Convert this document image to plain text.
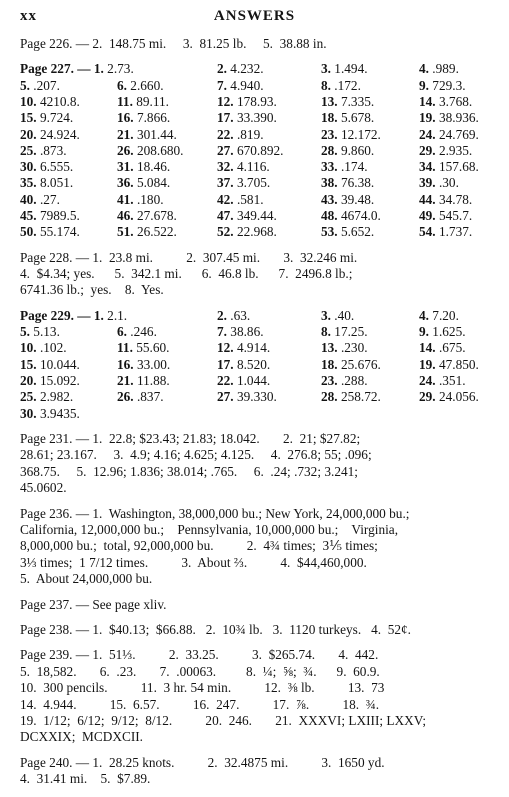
xx	ANSWERS
Page 226. — 2.  148.75 mi.     3.  81.25 lb.     5.  38.88 in.
Page 227. — 1. 2.73.	2. 4.232.	3. 1.494.	4. .989.
5. .207.	6. 2.660.	7. 4.940.	8. .172.	9. 729.3.
10. 4210.8.	11. 89.11.	12. 178.93.	13. 7.335.	14. 3.768.
15. 9.724.	16. 7.866.	17. 33.390.	18. 5.678.	19. 38.936.
20. 24.924.	21. 301.44.	22. .819.	23. 12.172.	24. 24.769.
25. .873.	26. 208.680.	27. 670.892.	28. 9.860.	29. 2.935.
30. 6.555.	31. 18.46.	32. 4.116.	33. .174.	34. 157.68.
35. 8.051.	36. 5.084.	37. 3.705.	38. 76.38.	39. .30.
40. .27.	41. .180.	42. .581.	43. 39.48.	44. 34.78.
45. 7989.5.	46. 27.678.	47. 349.44.	48. 4674.0.	49. 545.7.
50. 55.174.	51. 26.522.	52. 22.968.	53. 5.652.	54. 1.737.
Page 228. — 1.  23.8 mi.          2.  307.45 mi.       3.  32.246 mi.
4.  $4.34; yes.      5.  342.1 mi.      6.  46.8 lb.      7.  2496.8 lb.;
6741.36 lb.;  yes.    8.  Yes.
Page 229. — 1. 2.1.	2. .63.	3. .40.	4. 7.20.
5. 5.13.	6. .246.	7. 38.86.	8. 17.25.	9. 1.625.
10. .102.	11. 55.60.	12. 4.914.	13. .230.	14. .675.
15. 10.044.	16. 33.00.	17. 8.520.	18. 25.676.	19. 47.850.
20. 15.092.	21. 11.88.	22. 1.044.	23. .288.	24. .351.
25. 2.982.	26. .837.	27. 39.330.	28. 258.72.	29. 24.056.
30. 3.9435.
Page 231. — 1.  22.8; $23.43; 21.83; 18.042.       2.  21; $27.82;
28.61; 23.167.     3.  4.9; 4.16; 4.625; 4.125.     4.  276.8; 55; .096;
368.75.     5.  12.96; 1.836; 38.014; .765.     6.  .24; .732; 3.241;
45.0602.
Page 236. — 1.  Washington, 38,000,000 bu.; New York, 24,000,000 bu.;
California, 12,000,000 bu.;    Pennsylvania, 10,000,000 bu.;    Virginia,
8,000,000 bu.;  total, 92,000,000 bu.          2.  4¾ times;  3⅕ times;
3⅓ times;  1 7/12 times.          3.  About ⅔.          4.  $44,460,000.
5.  About 24,000,000 bu.
Page 237. — See page xliv.
Page 238. — 1.  $40.13;  $66.88.   2.  10¾ lb.   3.  1120 turkeys.   4.  52¢.
Page 239. — 1.  51⅓.          2.  33.25.          3.  $265.74.       4.  442.
5.  18,582.       6.  .23.       7.  .00063.         8.  ¼;  ⅝;  ¾.      9.  60.9.
10.  300 pencils.          11.  3 hr. 54 min.          12.  ⅜ lb.          13.  73
14.  4.944.          15.  6.57.          16.  247.          17.  ⅞.          18.  ¾.
19.  1/12;  6/12;  9/12;  8/12.          20.  246.       21.  XXXVI; LXIII; LXXV;
DCXXIX;  MCDXCII.
Page 240. — 1.  28.25 knots.          2.  32.4875 mi.          3.  1650 yd.
4.  31.41 mi.    5.  $7.89.
